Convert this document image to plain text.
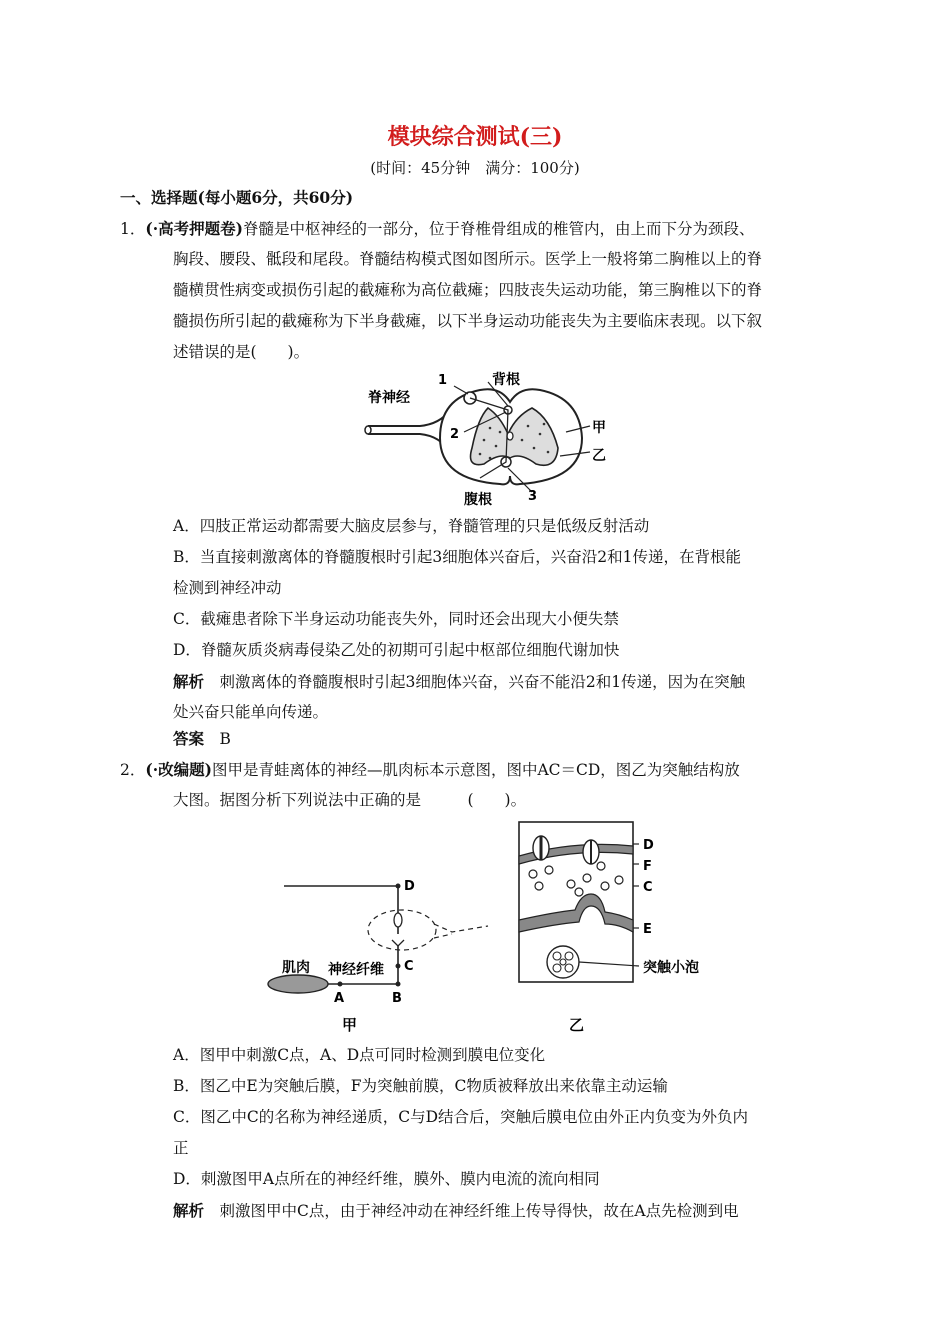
模块综合测试(三)
(时间：45分钟　满分：100分)
一、选择题(每小题6分，共60分)
1．(·高考押题卷)脊髓是中枢神经的一部分，位于脊椎骨组成的椎管内，由上而下分为颈段、
胸段、腰段、骶段和尾段。脊髓结构模式图如图所示。医学上一般将第二胸椎以上的脊
髓横贯性病变或损伤引起的截瘫称为高位截瘫；四肢丧失运动功能，第三胸椎以下的脊
髓损伤所引起的截瘫称为下半身截瘫，以下半身运动功能丧失为主要临床表现。以下叙
述错误的是(　　)。
脊神经
1	背根
2	甲
乙
腹根	3
A．四肢正常运动都需要大脑皮层参与，脊髓管理的只是低级反射活动
B．当直接刺激离体的脊髓腹根时引起3细胞体兴奋后，兴奋沿2和1传递，在背根能
检测到神经冲动
C．截瘫患者除下半身运动功能丧失外，同时还会出现大小便失禁
D．脊髓灰质炎病毒侵染乙处的初期可引起中枢部位细胞代谢加快
解析　 刺激离体的脊髓腹根时引起3细胞体兴奋，兴奋不能沿2和1传递，因为在突触
处兴奋只能单向传递。
答案　 B
2．(·改编题)图甲是青蛙离体的神经—肌肉标本示意图，图中AC＝CD，图乙为突触结构放
大图。据图分析下列说法中正确的是　　　(　　)。
D
C
B
A
肌肉 神经纤维
甲
D
F
C
E
突触小泡
乙
A．图甲中刺激C点，A、D点可同时检测到膜电位变化
B．图乙中E为突触后膜，F为突触前膜，C物质被释放出来依靠主动运输
C．图乙中C的名称为神经递质，C与D结合后，突触后膜电位由外正内负变为外负内
正
D．刺激图甲A点所在的神经纤维，膜外、膜内电流的流向相同
解析　 刺激图甲中C点，由于神经冲动在神经纤维上传导得快，故在A点先检测到电
